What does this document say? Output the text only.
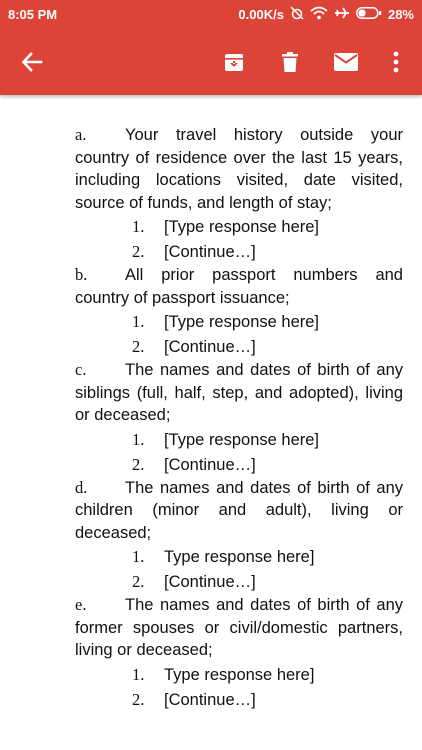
8:05 PM	0.00K/s	28%

a. Your travel history outside your country of residence over the last 15 years, including locations visited, date visited, source of funds, and length of stay;

1. [Type response here]

2. [Continue…]

b. All prior passport numbers and country of passport issuance;

1. [Type response here]

2. [Continue…]

c. The names and dates of birth of any siblings (full, half, step, and adopted), living or deceased;

1. [Type response here]

2. [Continue…]

d. The names and dates of birth of any children (minor and adult), living or deceased;

1. Type response here]

2. [Continue…]

e. The names and dates of birth of any former spouses or civil/domestic partners, living or deceased;

1. Type response here]

2. [Continue…]
